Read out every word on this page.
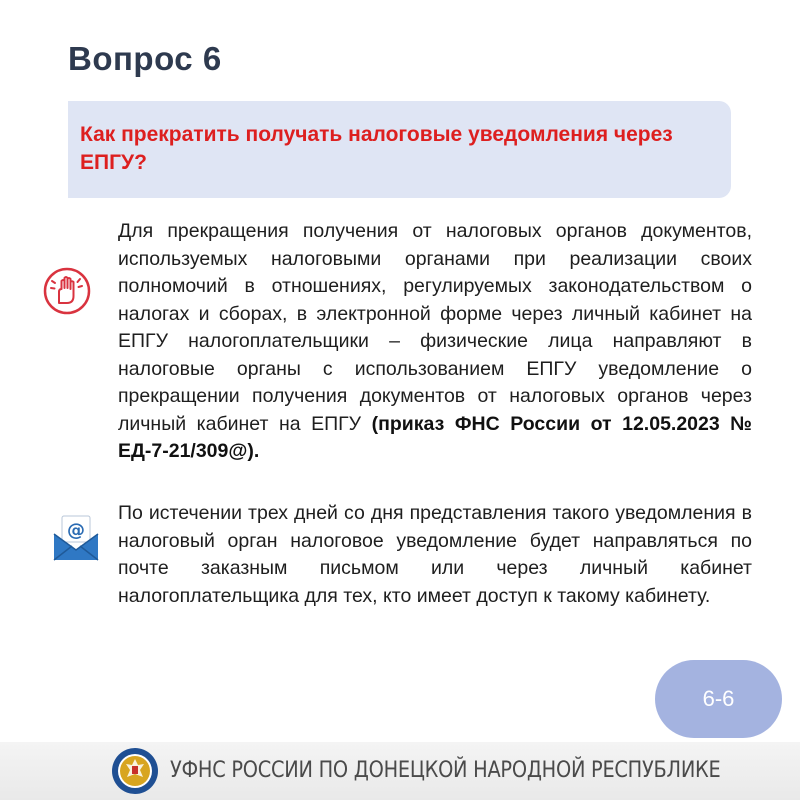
Вопрос 6
Как прекратить получать налоговые уведомления через ЕПГУ?
Для прекращения получения от налоговых органов документов, используемых налоговыми органами при реализации своих полномочий в отношениях, регулируемых законодательством о налогах и сборах, в электронной форме через личный кабинет на ЕПГУ налогоплательщики – физические лица направляют в налоговые органы с использованием ЕПГУ уведомление о прекращении получения документов от налоговых органов через личный кабинет на ЕПГУ (приказ ФНС России от 12.05.2023 № ЕД-7-21/309@).
@
По истечении трех дней со дня представления такого уведомления в налоговый орган налоговое уведомление будет направляться по почте заказным письмом или через личный кабинет налогоплательщика для тех, кто имеет доступ к такому кабинету.
6-6
УФНС РОССИИ ПО ДОНЕЦКОЙ НАРОДНОЙ РЕСПУБЛИКЕ
